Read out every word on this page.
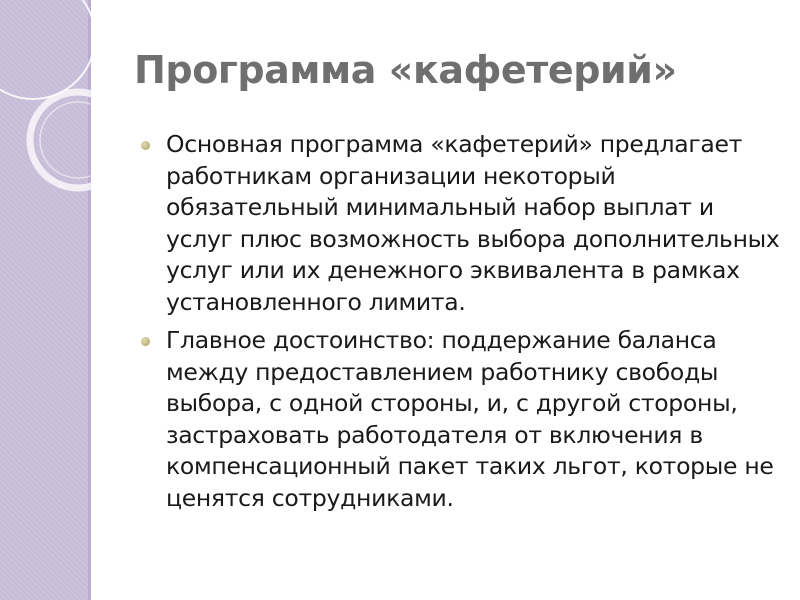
Программа «кафетерий»
Основная программа «кафетерий» предлагает работникам организации некоторый обязательный минимальный набор выплат и услуг плюс возможность выбора дополнительных услуг или их денежного эквивалента в рамках установленного лимита.
Главное достоинство: поддержание баланса между предоставлением работнику свободы выбора, с одной стороны, и, с другой стороны, застраховать работодателя от включения в компенсационный пакет таких льгот, которые не ценятся сотрудниками.
